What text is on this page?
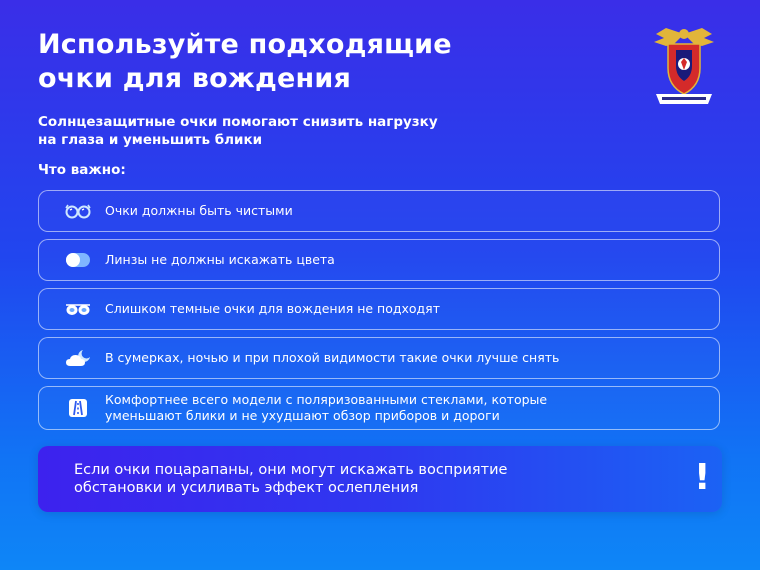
Используйте подходящие
очки для вождения
Солнцезащитные очки помогают снизить нагрузку
на глаза и уменьшить блики
Что важно:
Очки должны быть чистыми
Линзы не должны искажать цвета
Слишком темные очки для вождения не подходят
В сумерках, ночью и при плохой видимости такие очки лучше снять
Комфортнее всего модели с поляризованными стеклами, которые
уменьшают блики и не ухудшают обзор приборов и дороги
Если очки поцарапаны, они могут искажать восприятие
обстановки и усиливать эффект ослепления	!
